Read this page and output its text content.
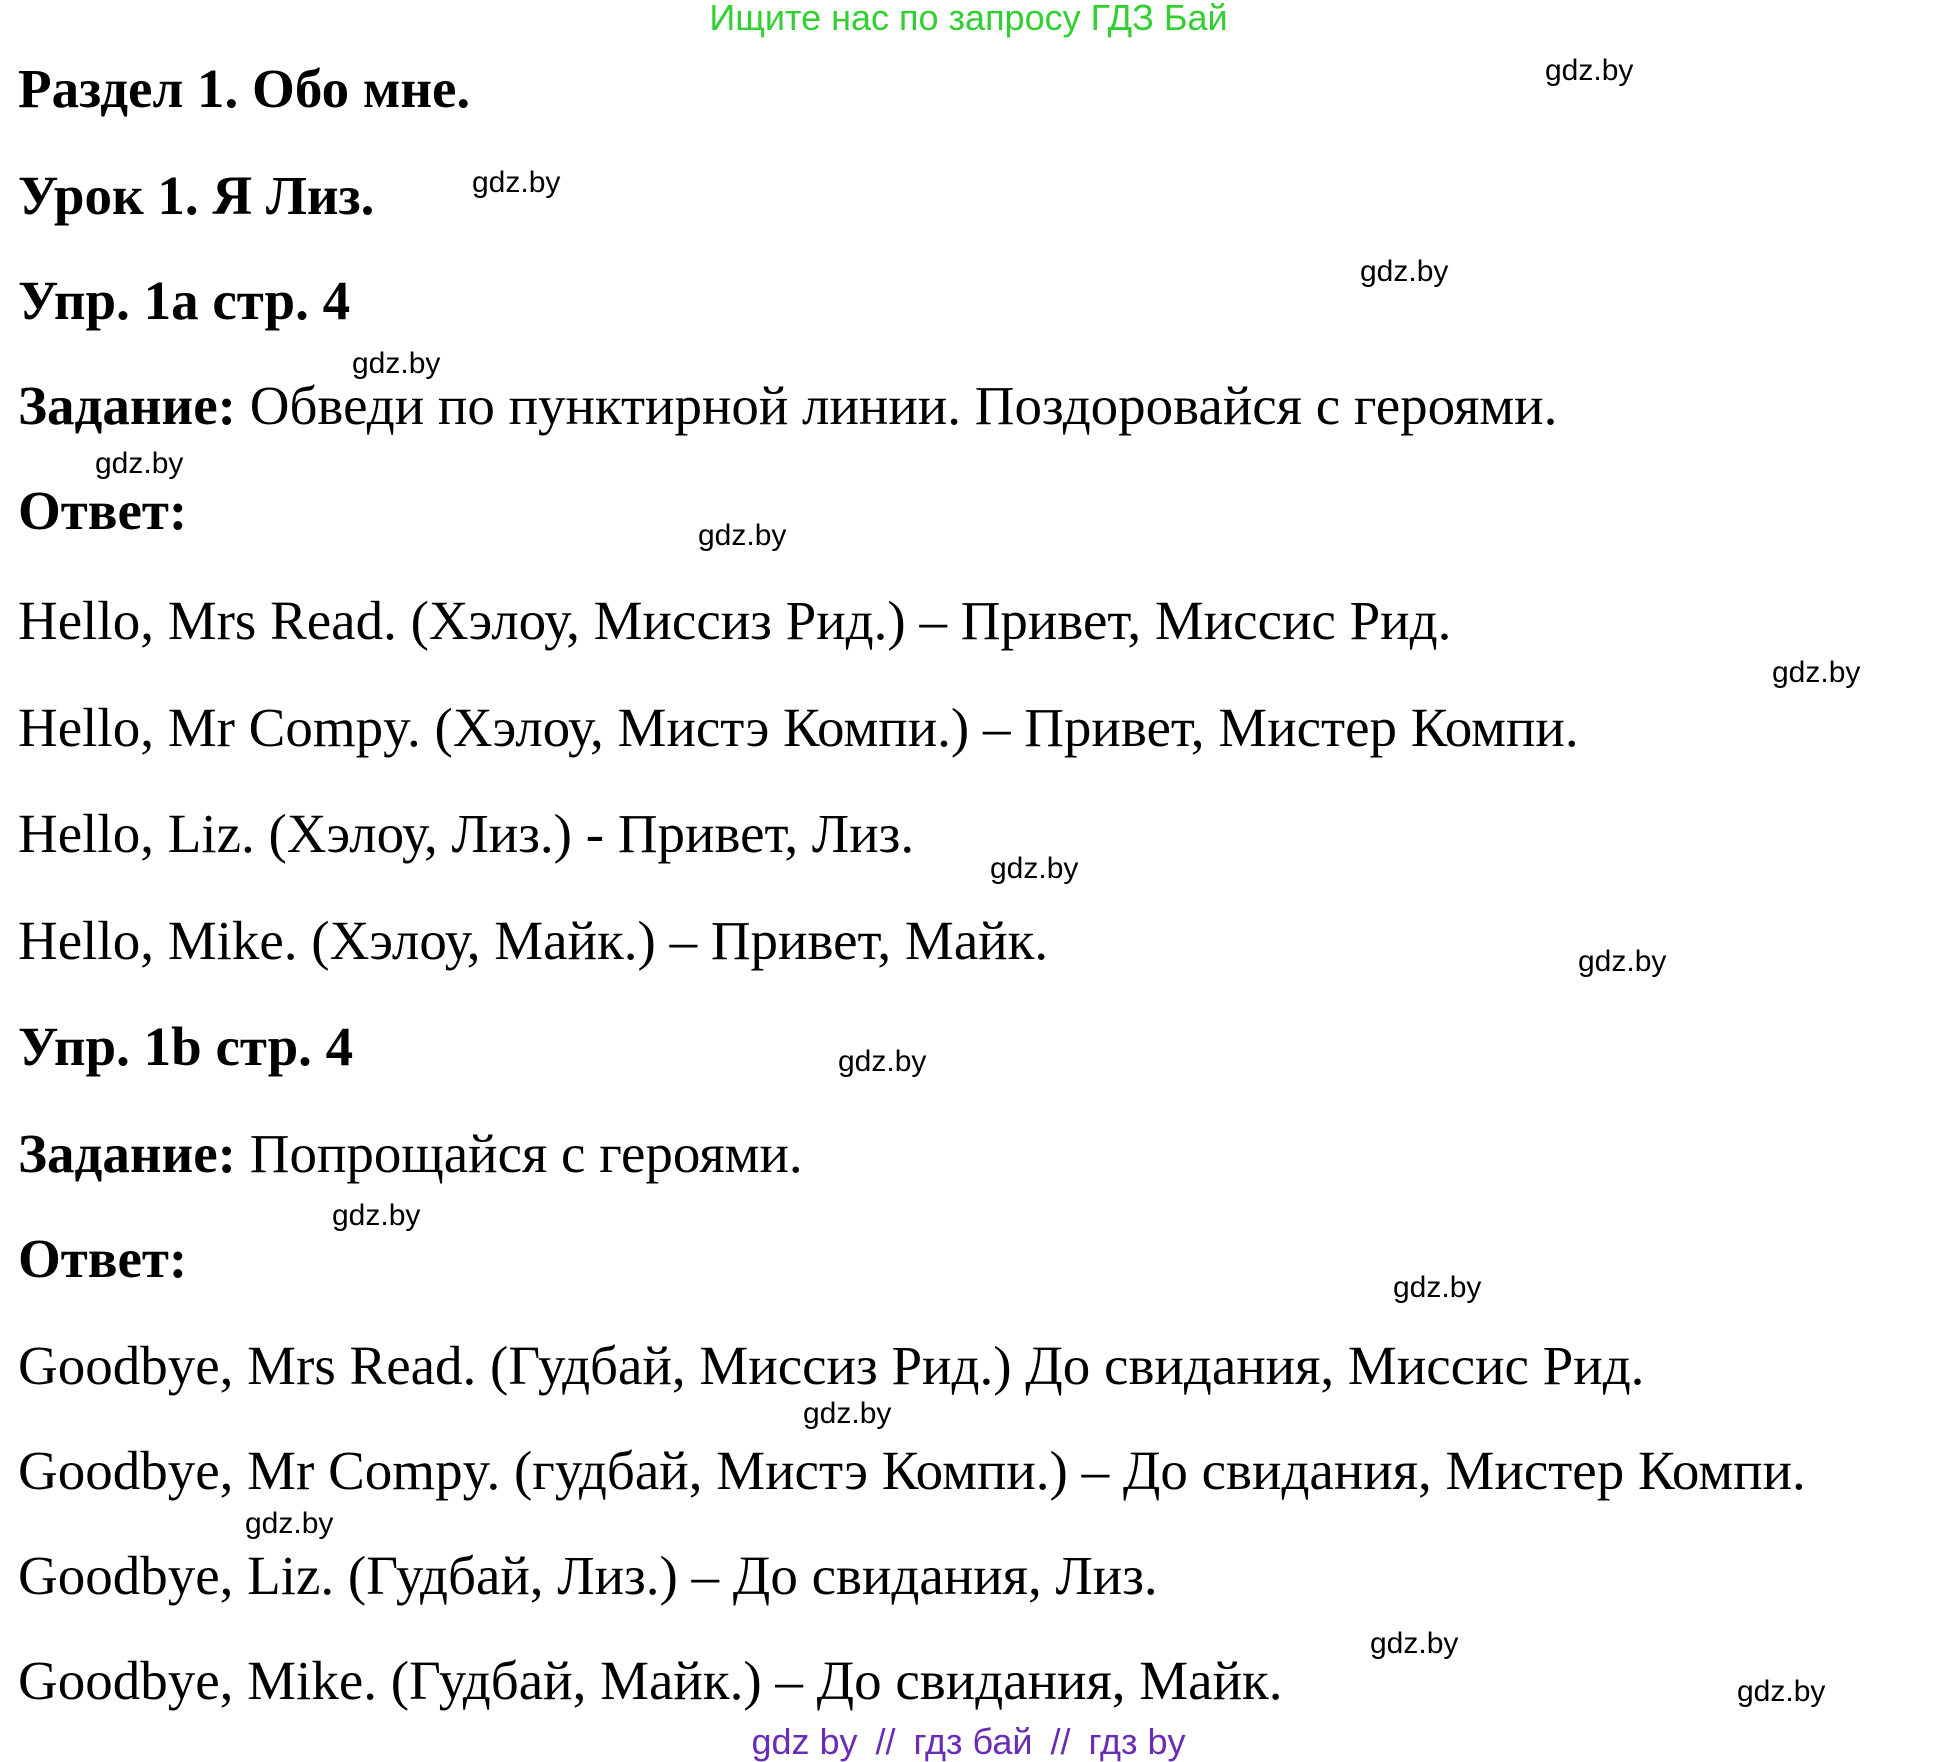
Ищите нас по запросу ГДЗ Бай
Раздел 1. Обо мне.
Урок 1. Я Лиз.
Упр. 1a стр. 4
Задание: Обведи по пунктирной линии. Поздоровайся с героями.
Ответ:
Hello, Mrs Read. (Хэлоу, Миссиз Рид.) – Привет, Миссис Рид.
Hello, Mr Compy. (Хэлоу, Мистэ Компи.) – Привет, Мистер Компи.
Hello, Liz. (Хэлоу, Лиз.) - Привет, Лиз.
Hello, Mike. (Хэлоу, Майк.) – Привет, Майк.
Упр. 1b стр. 4
Задание: Попрощайся с героями.
Ответ:
Goodbye, Mrs Read. (Гудбай, Миссиз Рид.) До свидания, Миссис Рид.
Goodbye, Mr Compy. (гудбай, Мистэ Компи.) – До свидания, Мистер Компи.
Goodbye, Liz. (Гудбай, Лиз.) – До свидания, Лиз.
Goodbye, Mike. (Гудбай, Майк.) – До свидания, Майк.
gdz.by
gdz.by
gdz.by
gdz.by
gdz.by
gdz.by
gdz.by
gdz.by
gdz.by
gdz.by
gdz.by
gdz.by
gdz.by
gdz.by
gdz.by
gdz.by
gdz by // гдз бай // гдз by
